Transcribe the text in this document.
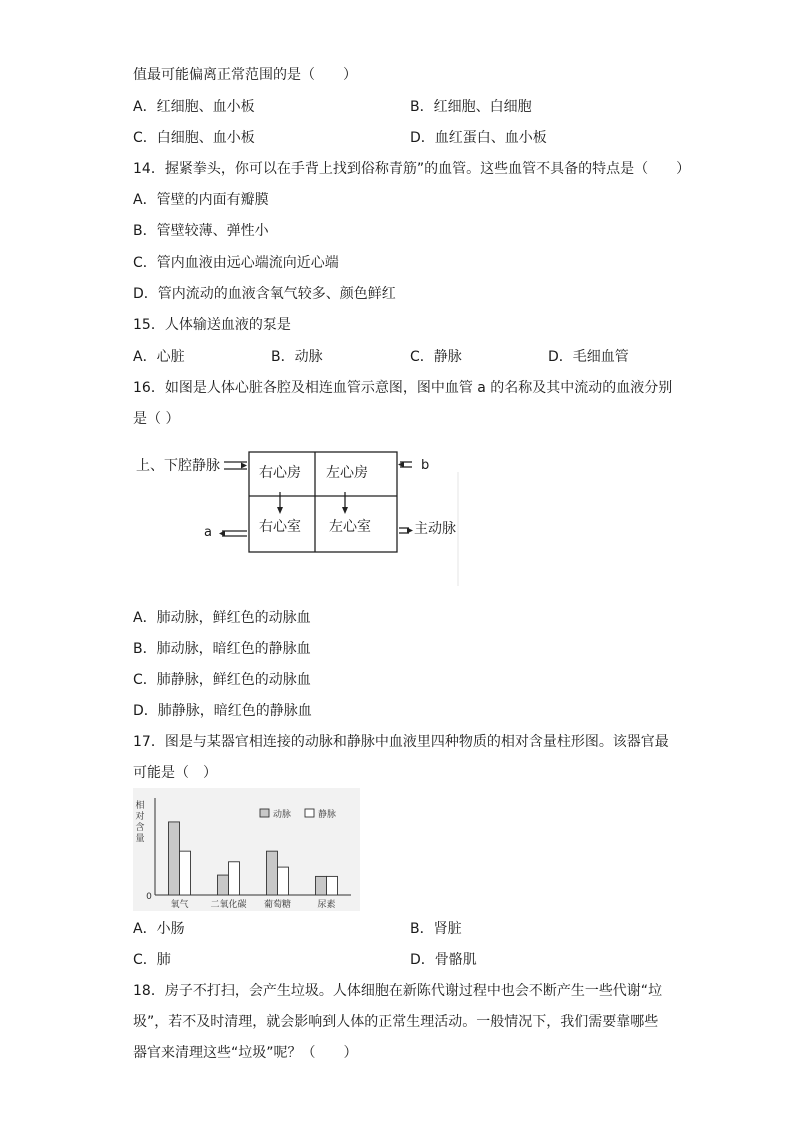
值最可能偏离正常范围的是（　　）
A．红细胞、血小板	B．红细胞、白细胞
C．白细胞、血小板	D．血红蛋白、血小板
14．握紧拳头，你可以在手背上找到俗称青筋”的血管。这些血管不具备的特点是（　　）
A．管壁的内面有瓣膜
B．管壁较薄、弹性小
C．管内血液由远心端流向近心端
D．管内流动的血液含氧气较多、颜色鲜红
15．人体输送血液的泵是
A．心脏	B．动脉	C．静脉	D．毛细血管
16．如图是人体心脏各腔及相连血管示意图，图中血管 a 的名称及其中流动的血液分别
是（ ）
上、下腔静脉	右心房 左心房
右心室 左心室
b
a	主动脉
A．肺动脉，鲜红色的动脉血
B．肺动脉，暗红色的静脉血
C．肺静脉，鲜红色的动脉血
D．肺静脉，暗红色的静脉血
17．图是与某器官相连接的动脉和静脉中血液里四种物质的相对含量柱形图。该器官最
可能是（　）
相
对
含
量
0
氧气 二氧化碳 葡萄糖	尿素
动脉	静脉
A．小肠	B．肾脏
C．肺	D．骨骼肌
18．房子不打扫，会产生垃圾。人体细胞在新陈代谢过程中也会不断产生一些代谢“垃
圾”，若不及时清理，就会影响到人体的正常生理活动。一般情况下，我们需要靠哪些
器官来清理这些“垃圾”呢？（　　）
